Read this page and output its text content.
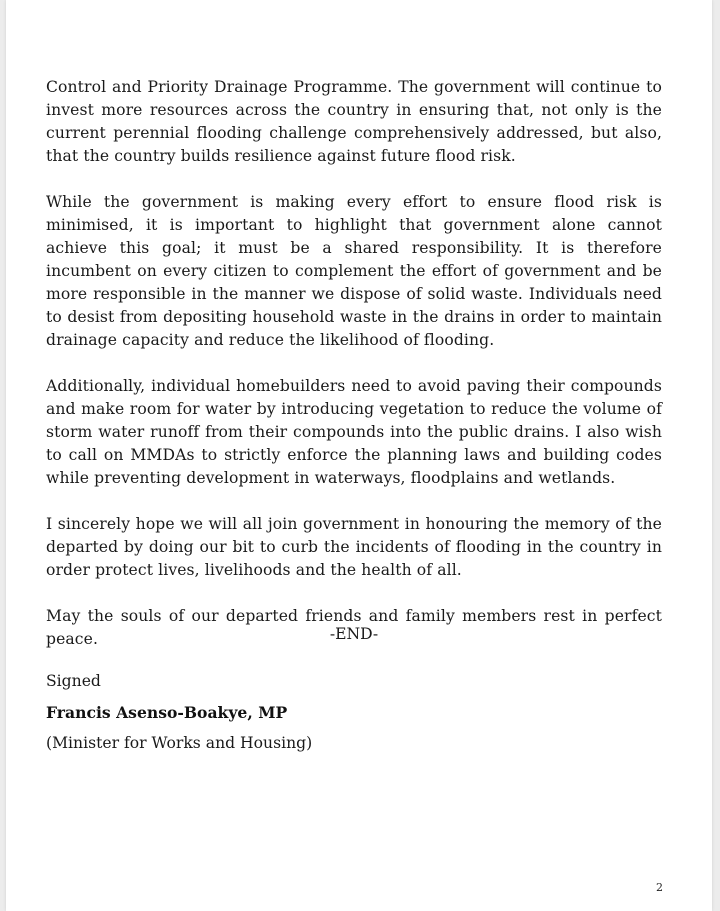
Control and Priority Drainage Programme. The government will continue to invest more resources across the country in ensuring that, not only is the current perennial flooding challenge comprehensively addressed, but also, that the country builds resilience against future flood risk.

While the government is making every effort to ensure flood risk is minimised, it is important to highlight that government alone cannot achieve this goal; it must be a shared responsibility. It is therefore incumbent on every citizen to complement the effort of government and be more responsible in the manner we dispose of solid waste. Individuals need to desist from depositing household waste in the drains in order to maintain drainage capacity and reduce the likelihood of flooding.

Additionally, individual homebuilders need to avoid paving their compounds and make room for water by introducing vegetation to reduce the volume of storm water runoff from their compounds into the public drains. I also wish to call on MMDAs to strictly enforce the planning laws and building codes while preventing development in waterways, floodplains and wetlands.

I sincerely hope we will all join government in honouring the memory of the departed by doing our bit to curb the incidents of flooding in the country in order protect lives, livelihoods and the health of all.

May the souls of our departed friends and family members rest in perfect peace.	-END-
Signed
Francis Asenso-Boakye, MP
(Minister for Works and Housing)
2
